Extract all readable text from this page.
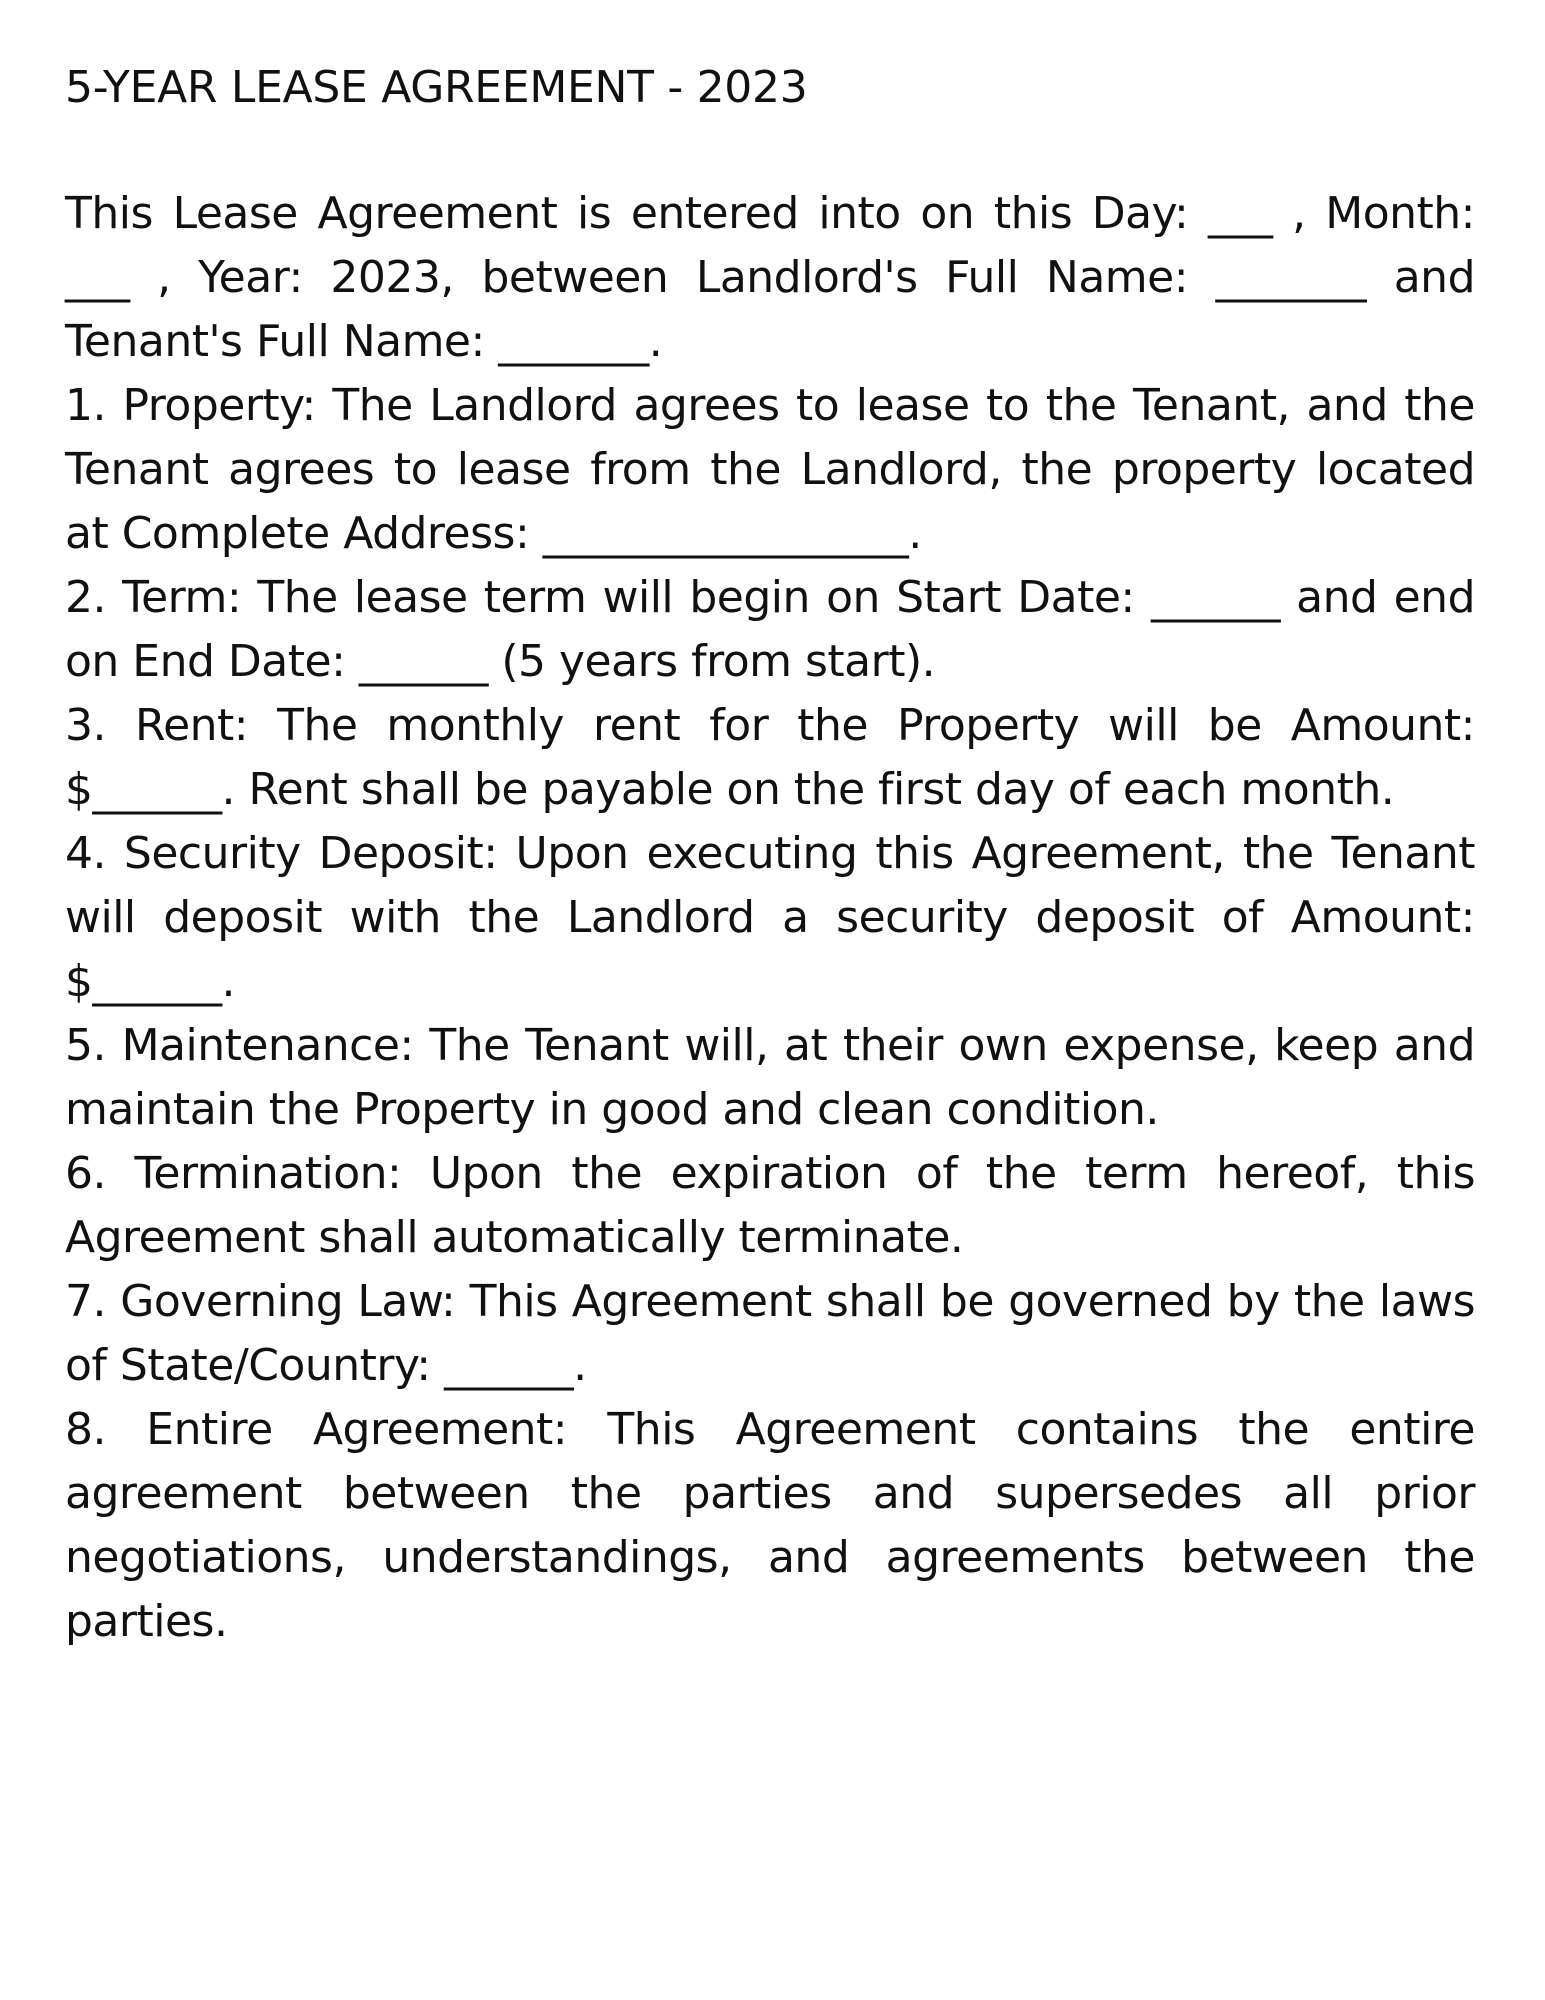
5-YEAR LEASE AGREEMENT - 2023

This Lease Agreement is entered into on this Day: ___ , Month: ___ , Year: 2023, between Landlord's Full Name: _______ and Tenant's Full Name: _______.

1. Property: The Landlord agrees to lease to the Tenant, and the Tenant agrees to lease from the Landlord, the property located at Complete Address: _________________.

2. Term: The lease term will begin on Start Date: ______ and end on End Date: ______ (5 years from start).

3. Rent: The monthly rent for the Property will be Amount: $______. Rent shall be payable on the first day of each month.

4. Security Deposit: Upon executing this Agreement, the Tenant will deposit with the Landlord a security deposit of Amount: $______.

5. Maintenance: The Tenant will, at their own expense, keep and maintain the Property in good and clean condition.

6. Termination: Upon the expiration of the term hereof, this Agreement shall automatically terminate.

7. Governing Law: This Agreement shall be governed by the laws of State/Country: ______.

8. Entire Agreement: This Agreement contains the entire agreement between the parties and supersedes all prior negotiations, understandings, and agreements between the parties.
